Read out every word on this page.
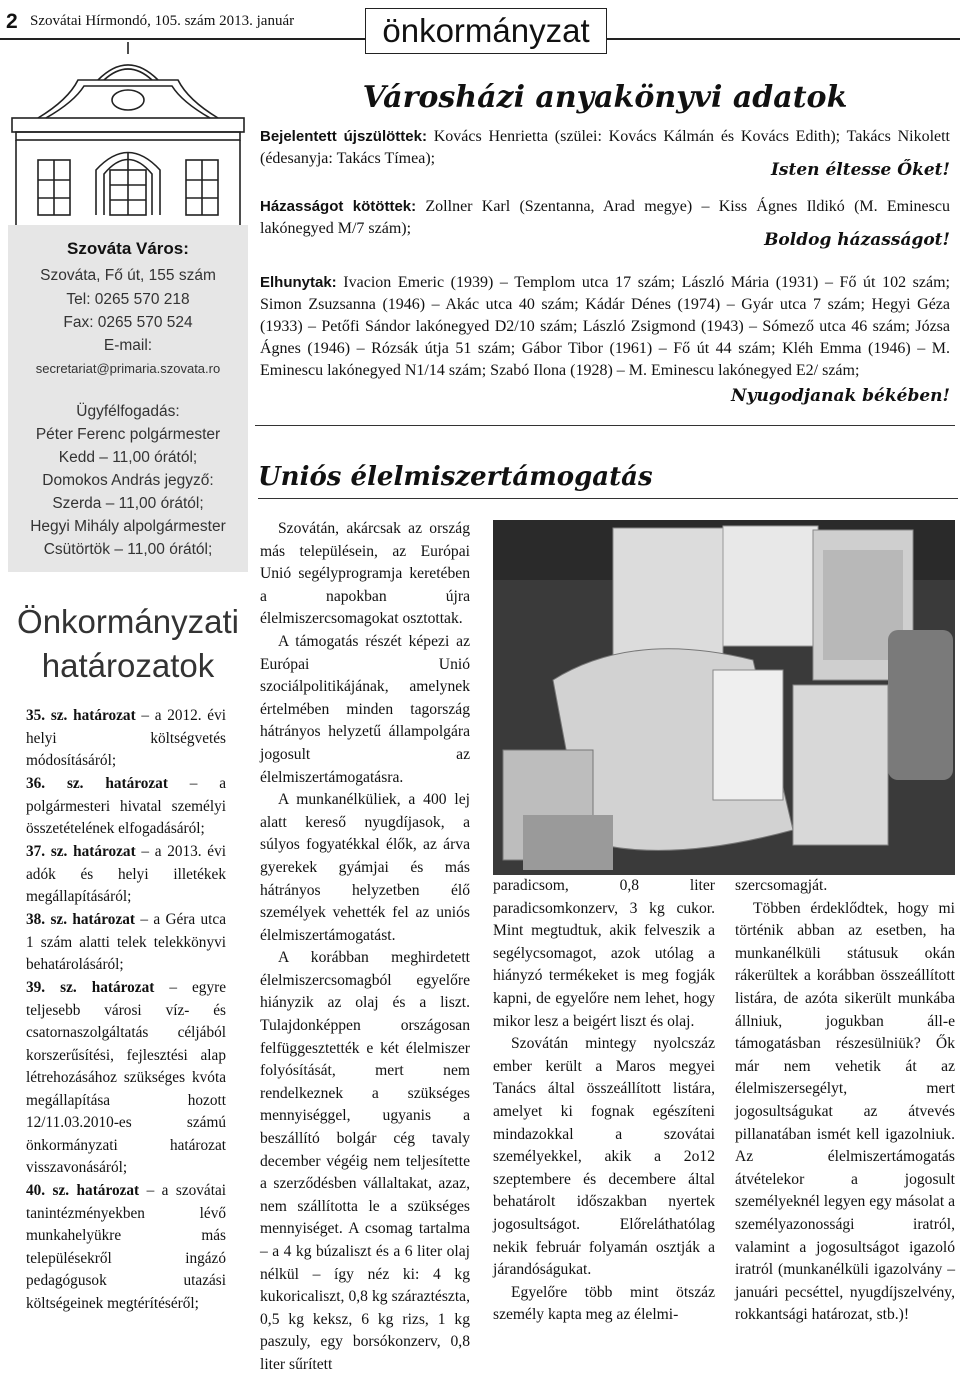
2 Szovátai Hírmondó, 105. szám 2013. január	önkormányzat
Szováta Város:
Szováta, Fő út, 155 szám
Tel: 0265 570 218
Fax: 0265 570 524
E-mail:
secretariat@primaria.szovata.ro
Ügyfélfogadás:
Péter Ferenc polgármester
Kedd – 11,00 órától;
Domokos András jegyző:
Szerda – 11,00 órától;
Hegyi Mihály alpolgármester
Csütörtök – 11,00 órától;
Önkormányzati
határozatok
35. sz. határozat – a 2012. évi helyi költségvetés módosításáról;
36. sz. határozat – a polgármesteri hivatal személyi összetételének elfogadásáról;
37. sz. határozat – a 2013. évi adók és helyi illetékek megállapításáról;
38. sz. határozat – a Géra utca 1 szám alatti telek telekkönyvi behatárolásáról;
39. sz. határozat – egyre teljesebb városi víz- és csatornaszolgáltatás céljából korszerűsítési, fejlesztési alap létrehozásához szükséges kvóta megállapítása hozott 12/11.03.2010-es számú önkormányzati határozat visszavonásáról;
40. sz. határozat – a szovátai tanintézményekben lévő munkahelyükre más településekről ingázó pedagógusok utazási költségeinek megtérítéséről;
Városházi anyakönyvi adatok
Bejelentett újszülöttek: Kovács Henrietta (szülei: Kovács Kálmán és Kovács Edith); Takács Nikolett (édesanyja: Takács Tímea);
Isten éltesse Őket!
Házasságot kötöttek: Zollner Karl (Szentanna, Arad megye) – Kiss Ágnes Ildikó (M. Eminescu lakónegyed M/7 szám);
Boldog házasságot!
Elhunytak: Ivacion Emeric (1939) – Templom utca 17 szám; László Mária (1931) – Fő út 102 szám; Simon Zsuzsanna (1946) – Akác utca 40 szám; Kádár Dénes (1974) – Gyár utca 7 szám; Hegyi Géza (1933) – Petőfi Sándor lakónegyed D2/10 szám; László Zsigmond (1943) – Sómező utca 46 szám; Józsa Ágnes (1946) – Rózsák útja 51 szám; Gábor Tibor (1961) – Fő út 44 szám; Kléh Emma (1946) – M. Eminescu lakónegyed N1/14 szám; Szabó Ilona (1928) – M. Eminescu lakónegyed E2/ szám;
Nyugodjanak békében!
Uniós élelmiszertámogatás

Szovátán, akárcsak az ország más településein, az Európai Unió segélyprogramja keretében a napokban újra élelmiszercsomagokat osztottak.

A támogatás részét képezi az Európai Unió szociálpolitikájának, amelynek értelmében minden tagország hátrányos helyzetű állampolgára jogosult az élelmiszertámogatásra.

A munkanélküliek, a 400 lej alatt kereső nyugdíjasok, a súlyos fogyatékkal élők, az árva gyerekek gyámjai és más hátrányos helyzetben élő személyek vehették fel az uniós élelmiszertámogatást.

A korábban meghirdetett élelmiszercsomagból egyelőre hiányzik az olaj és a liszt. Tulajdonképpen országosan felfüggesztették e két élelmiszer folyósítását, mert nem rendelkeznek a szükséges mennyiséggel, ugyanis a beszállító bolgár cég tavaly december végéig nem teljesítette a szerződésben vállaltakat, azaz, nem szállította le a szükséges mennyiséget. A csomag tartalma – a 4 kg búzaliszt és a 6 liter olaj nélkül – így néz ki: 4 kg kukoricaliszt, 0,8 kg száraztészta, 0,5 kg keksz, 6 kg rizs, 1 kg paszuly, egy borsókonzerv, 0,8 liter sűrített

paradicsom, 0,8 liter paradicsomkonzerv, 3 kg cukor. Mint megtudtuk, akik felveszik a segélycsomagot, azok utólag a hiányzó termékeket is meg fogják kapni, de egyelőre nem lehet, hogy mikor lesz a beigért liszt és olaj.

Szovátán mintegy nyolcszáz ember került a Maros megyei Tanács által összeállított listára, amelyet ki fognak egészíteni mindazokkal a szovátai személyekkel, akik a 2o12 szeptembere és decembere által behatárolt időszakban nyertek jogosultságot. Előreláthatólag nekik február folyamán osztják a járandóságukat.

Egyelőre több mint ötszáz személy kapta meg az élelmi-

szercsomagját.

Többen érdeklődtek, hogy mi történik abban az esetben, ha munkanélküli státusuk okán rákerültek a korábban összeállított listára, de azóta sikerült munkába állniuk, jogukban áll-e támogatásban részesülniük? Ők már nem vehetik át az élelmiszersegélyt, mert jogosultságukat az átvevés pillanatában ismét kell igazolniuk. Az élelmiszertámogatás átvételekor a jogosult személyeknél legyen egy másolat a személyazonossági iratról, valamint a jogosultságot igazoló iratról (munkanélküli igazolvány – januári pecséttel, nyugdíjszelvény, rokkantsági határozat, stb.)!
